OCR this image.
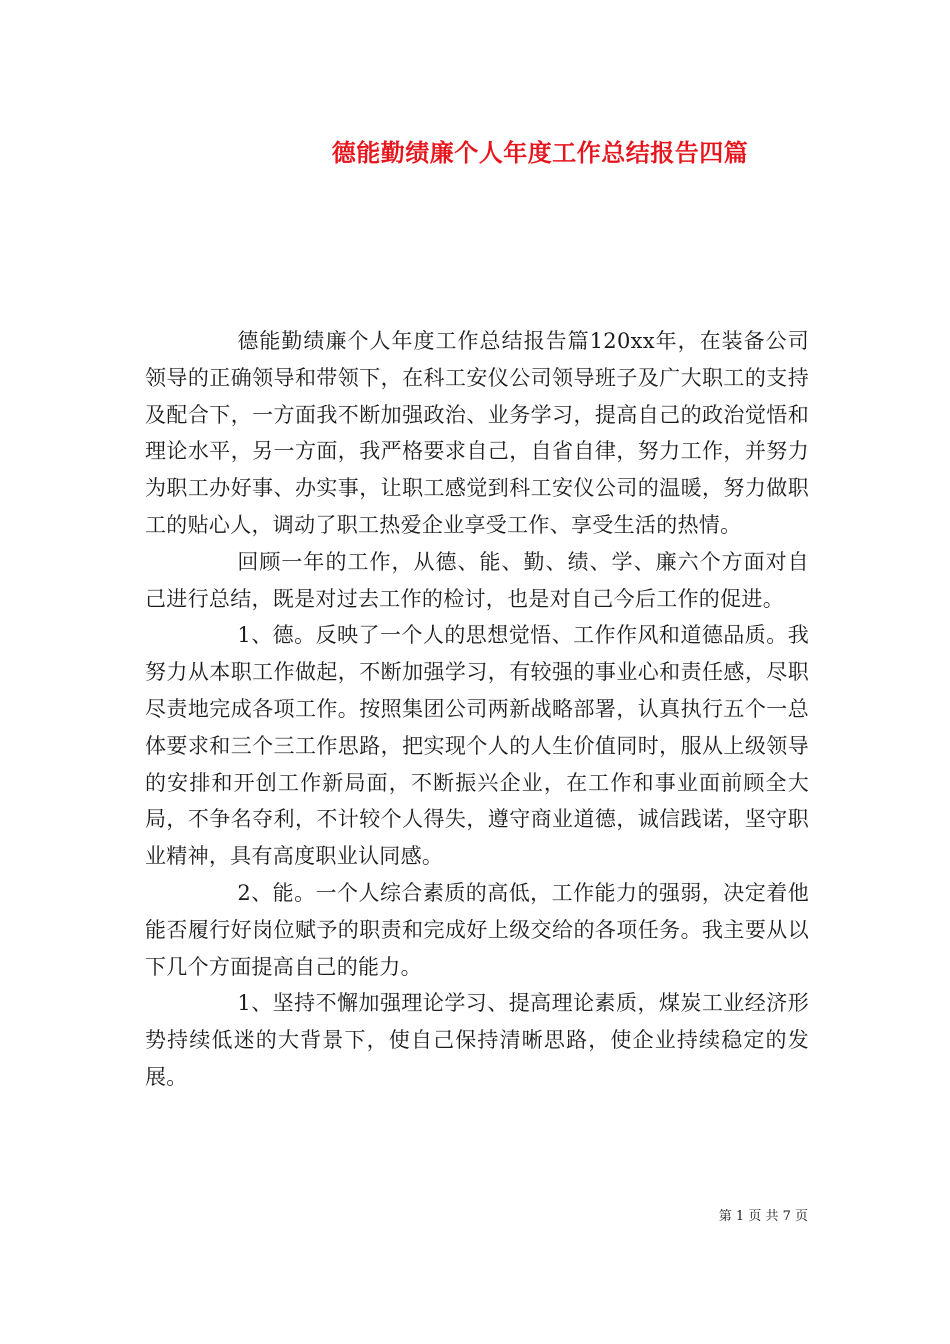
德能勤绩廉个人年度工作总结报告四篇

德能勤绩廉个人年度工作总结报告篇120xx年，在装备公司领导的正确领导和带领下，在科工安仪公司领导班子及广大职工的支持及配合下，一方面我不断加强政治、业务学习，提高自己的政治觉悟和理论水平，另一方面，我严格要求自己，自省自律，努力工作，并努力为职工办好事、办实事，让职工感觉到科工安仪公司的温暖，努力做职工的贴心人，调动了职工热爱企业享受工作、享受生活的热情。

回顾一年的工作，从德、能、勤、绩、学、廉六个方面对自己进行总结，既是对过去工作的检讨，也是对自己今后工作的促进。

1、德。反映了一个人的思想觉悟、工作作风和道德品质。我努力从本职工作做起，不断加强学习，有较强的事业心和责任感，尽职尽责地完成各项工作。按照集团公司两新战略部署，认真执行五个一总体要求和三个三工作思路，把实现个人的人生价值同时，服从上级领导的安排和开创工作新局面，不断振兴企业，在工作和事业面前顾全大局，不争名夺利，不计较个人得失，遵守商业道德，诚信践诺，坚守职业精神，具有高度职业认同感。

2、能。一个人综合素质的高低，工作能力的强弱，决定着他能否履行好岗位赋予的职责和完成好上级交给的各项任务。我主要从以下几个方面提高自己的能力。

1、坚持不懈加强理论学习、提高理论素质，煤炭工业经济形势持续低迷的大背景下，使自己保持清晰思路，使企业持续稳定的发展。

第 1 页 共 7 页
